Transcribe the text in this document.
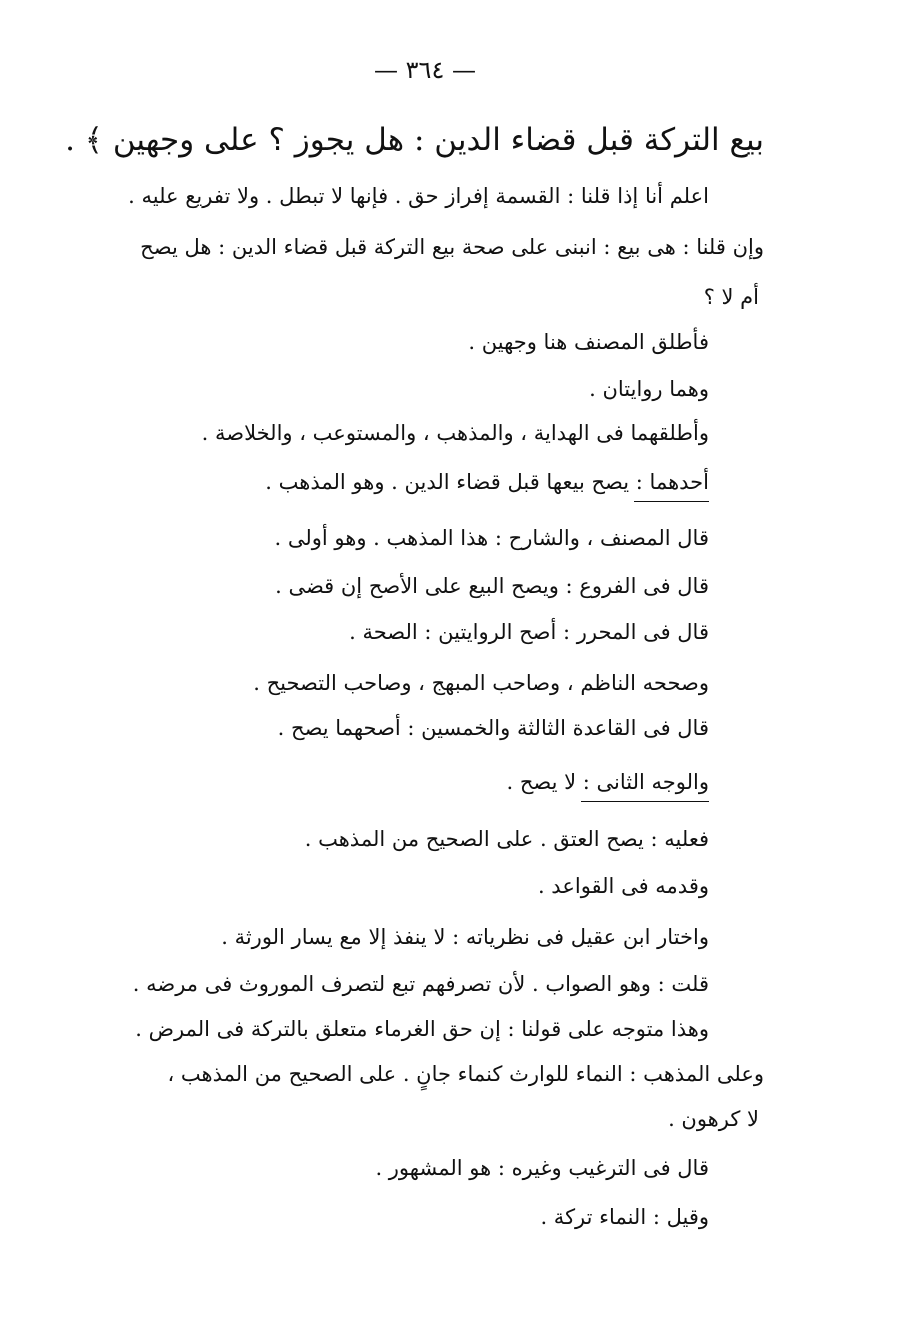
— ٣٦٤ —
بيع التركة قبل قضاء الدين : هل يجوز ؟ على وجهين ﴾ .
اعلم أنا إذا قلنا : القسمة إفراز حق . فإنها لا تبطل . ولا تفريع عليه .
وإن قلنا : هى بيع : انبنى على صحة بيع التركة قبل قضاء الدين : هل يصح
أم لا ؟
فأطلق المصنف هنا وجهين .
وهما روايتان .
وأطلقهما فى الهداية ، والمذهب ، والمستوعب ، والخلاصة .
أحدهما : يصح بيعها قبل قضاء الدين . وهو المذهب .
قال المصنف ، والشارح : هذا المذهب . وهو أولى .
قال فى الفروع : ويصح البيع على الأصح إن قضى .
قال فى المحرر : أصح الروايتين : الصحة .
وصححه الناظم ، وصاحب المبهج ، وصاحب التصحيح .
قال فى القاعدة الثالثة والخمسين : أصحهما يصح .
والوجه الثانى : لا يصح .
فعليه : يصح العتق . على الصحيح من المذهب .
وقدمه فى القواعد .
واختار ابن عقيل فى نظرياته : لا ينفذ إلا مع يسار الورثة .
قلت : وهو الصواب . لأن تصرفهم تبع لتصرف الموروث فى مرضه .
وهذا متوجه على قولنا : إن حق الغرماء متعلق بالتركة فى المرض .
وعلى المذهب : النماء للوارث كنماء جانٍ . على الصحيح من المذهب ،
لا كرهون .
قال فى الترغيب وغيره : هو المشهور .
وقيل : النماء تركة .
